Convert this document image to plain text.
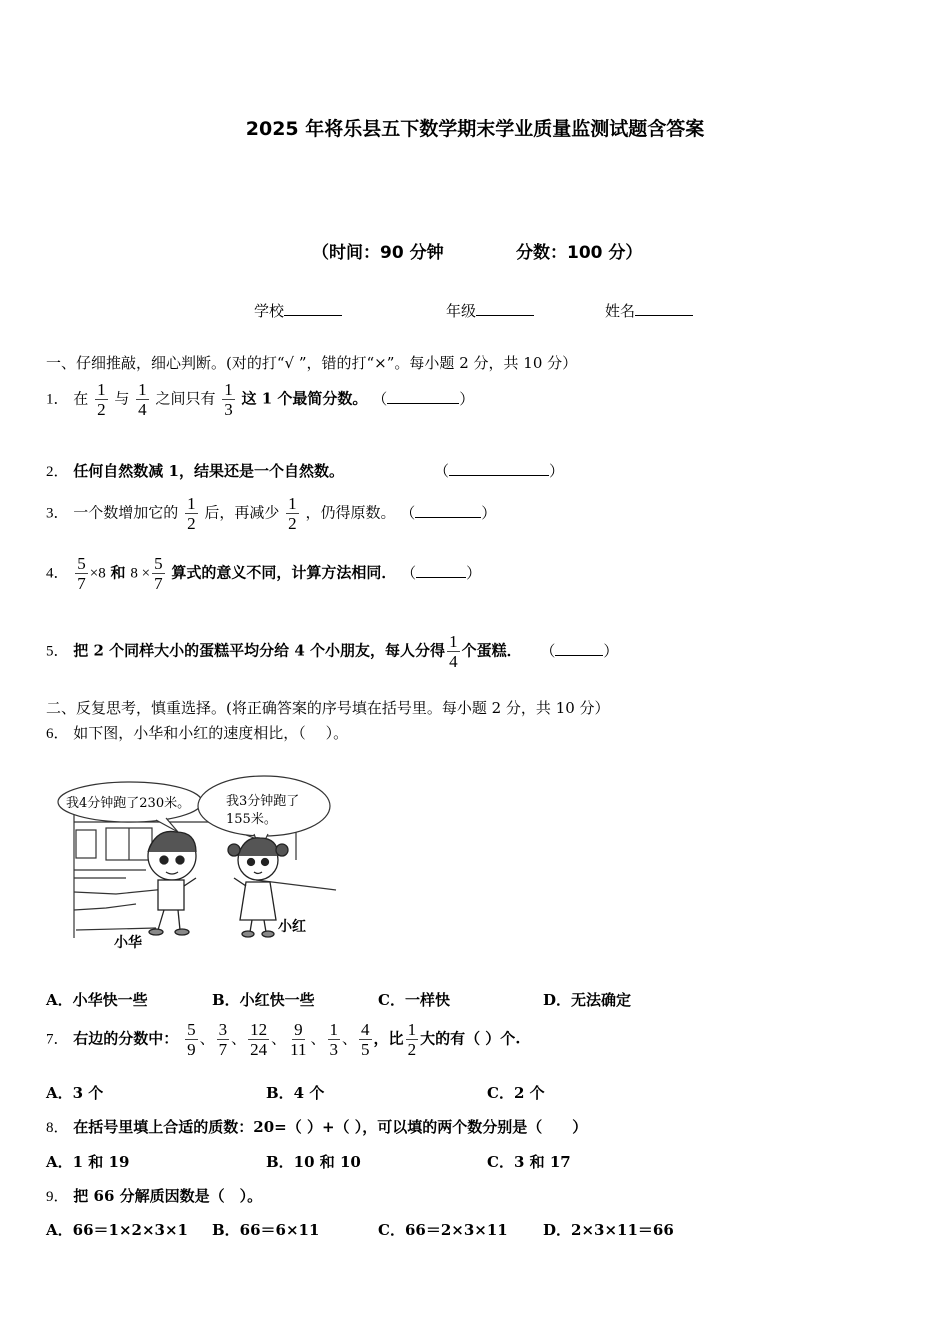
2025 年将乐县五下数学期末学业质量监测试题含答案
（时间：90 分钟	分数：100 分）
学校	年级	姓名
一、仔细推敲，细心判断。(对的打“√ ”，错的打“×”。每小题 2 分，共 10 分）
1． 在 $\frac{1}{2}$ 与 $\frac{1}{4}$ 之间只有 $\frac{1}{3}$ 这 1 个最简分数。 （	）
2． 任何自然数减 1，结果还是一个自然数。	（	）
3． 一个数增加它的 $\frac{1}{2}$ 后，再减少 $\frac{1}{2}$ ，仍得原数。 （	）
4． $\frac{5}{7} \times 8$ 和 $8 \times \frac{5}{7}$ 算式的意义不同，计算方法相同． （	）
5． 把 2 个同样大小的蛋糕平均分给 4 个小朋友，每人分得 $\frac{1}{4}$ 个蛋糕． （	）
二、反复思考，慎重选择。(将正确答案的序号填在括号里。每小题 2 分，共 10 分）
6． 如下图，小华和小红的速度相比，（　 ）。
我4分钟跑了230米。	我3分钟跑了
155米。
小华
小红
A．小华快一些	B．小红快一些	C．一样快	D．无法确定
7． 右边的分数中： $\frac{5}{9}$ 、 $\frac{3}{7}$ 、 $\frac{12}{24}$ 、 $\frac{9}{11}$ 、 $\frac{1}{3}$ 、 $\frac{4}{5}$ ，比 $\frac{1}{2}$ 大的有（ ）个.
A．3 个	B．4 个	C．2 个
8． 在括号里填上合适的质数：20=（ ）+（ ），可以填的两个数分别是（　　）
A．1 和 19	B．10 和 10	C．3 和 17
9． 把 66 分解质因数是（　）。
A．66＝1×2×3×1 B．66＝6×11	C．66＝2×3×11 D．2×3×11＝66
